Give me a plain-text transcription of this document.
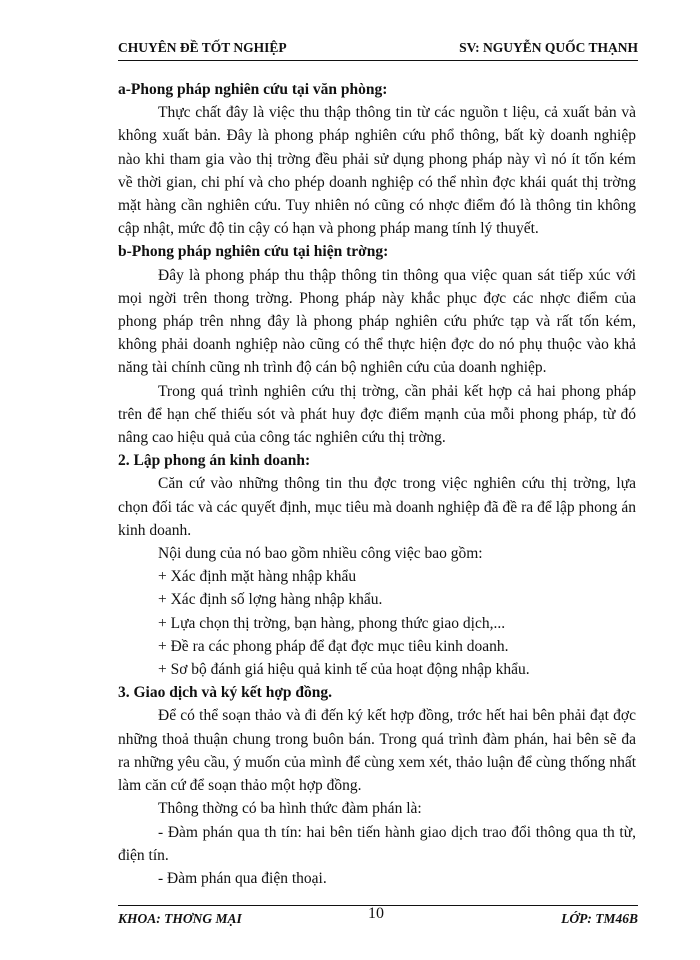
CHUYÊN ĐỀ TỐT NGHIỆP	SV: NGUYỄN QUỐC THẠNH

a-Phong pháp nghiên cứu tại văn phòng:

Thực chất đây là việc thu thập thông tin từ các nguồn t liệu, cả xuất bản và không xuất bản. Đây là phong pháp nghiên cứu phổ thông, bất kỳ doanh nghiệp nào khi tham gia vào thị trờng đều phải sử dụng phong pháp này vì nó ít tốn kém về thời gian, chi phí và cho phép doanh nghiệp có thể nhìn đợc khái quát thị trờng mặt hàng cần nghiên cứu. Tuy nhiên nó cũng có nhợc điểm đó là thông tin không cập nhật, mức độ tin cậy có hạn và phong pháp mang tính lý thuyết.

b-Phong pháp nghiên cứu tại hiện trờng:

Đây là phong pháp thu thập thông tin thông qua việc quan sát tiếp xúc với mọi ngời trên thong trờng. Phong pháp này khắc phục đợc các nhợc điểm của phong pháp trên nhng đây là phong pháp nghiên cứu phức tạp và rất tốn kém, không phải doanh nghiệp nào cũng có thể thực hiện đợc do nó phụ thuộc vào khả năng tài chính cũng nh trình độ cán bộ nghiên cứu của doanh nghiệp.

Trong quá trình nghiên cứu thị trờng, cần phải kết hợp cả hai phong pháp trên để hạn chế thiếu sót và phát huy đợc điểm mạnh của mỗi phong pháp, từ đó nâng cao hiệu quả của công tác nghiên cứu thị trờng.

2. Lập phong án kinh doanh:

Căn cứ vào những thông tin thu đợc trong việc nghiên cứu thị trờng, lựa chọn đối tác và các quyết định, mục tiêu mà doanh nghiệp đã đề ra để lập phong án kinh doanh.

Nội dung của nó bao gồm nhiều công việc bao gồm:

+ Xác định mặt hàng nhập khẩu

+ Xác định số lợng hàng nhập khẩu.

+ Lựa chọn thị trờng, bạn hàng, phong thức giao dịch,...

+ Đề ra các phong pháp để đạt đợc mục tiêu kinh doanh.

+ Sơ bộ đánh giá hiệu quả kinh tế của hoạt động nhập khẩu.

3. Giao dịch và ký kết hợp đồng.

Để có thể soạn thảo và đi đến ký kết hợp đồng, trớc hết hai bên phải đạt đợc những thoả thuận chung trong buôn bán. Trong quá trình đàm phán, hai bên sẽ đa ra những yêu cầu, ý muốn của mình để cùng xem xét, thảo luận để cùng thống nhất làm căn cứ để soạn thảo một hợp đồng.

Thông thờng có ba hình thức đàm phán là:

- Đàm phán qua th tín: hai bên tiến hành giao dịch trao đổi thông qua th từ, điện tín.

- Đàm phán qua điện thoại.

KHOA: THƠNG MẠI	10	LỚP: TM46B
